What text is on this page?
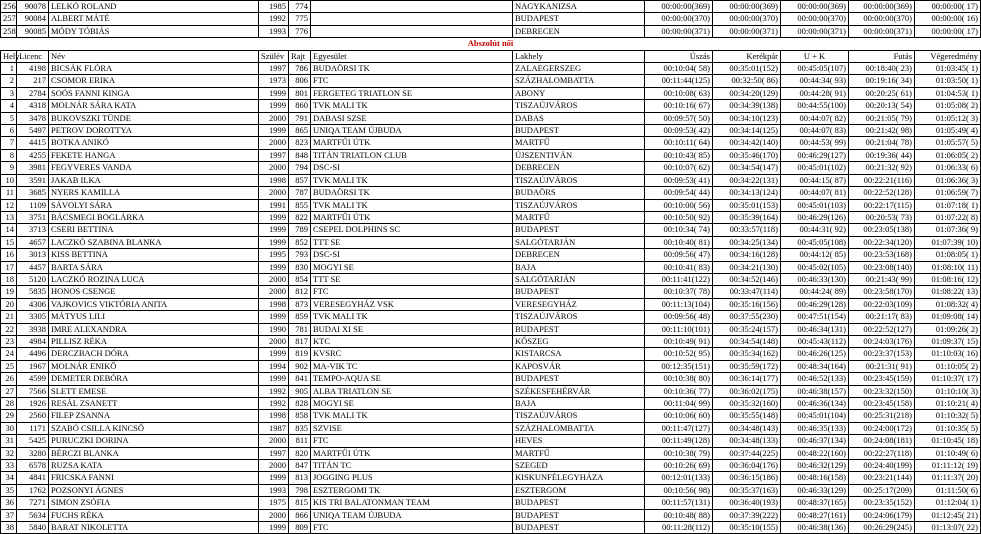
256	90078	LELKÓ ROLAND	1985	774		NAGYKANIZSA	00:00:00(369)	00:00:00(369)	00:00:00(369)	00:00:00(369)	00:00:00( 17)
257	90084	ALBERT MÁTÉ	1992	775		BUDAPEST	00:00:00(370)	00:00:00(370)	00:00:00(370)	00:00:00(370)	00:00:00( 16)
258	90085	MÓDY TÓBIÁS	1993	776		DEBRECEN	00:00:00(371)	00:00:00(371)	00:00:00(371)	00:00:00(371)	00:00:00( 17)
Abszolút női											
Hely	Licenc	Név	Szülév	Rajt	Egyesület	Lakhely	Úszás	Kerékpár	U + K	Futás	Végeredmény
1	4198	BICSÁK FLÓRA	1997	786	BUDAÖRSI TK	ZALAEGERSZEG	00:10:04( 58)	00:35:01(152)	00:45:05(107)	00:18:40( 23)	01:03:45( 1)
2	217	CSOMOR ERIKA	1973	806	FTC	SZÁZHALOMBATTA	00:11:44(125)	00:32:50( 86)	00:44:34( 93)	00:19:16( 34)	01:03:50( 1)
3	2784	SOÓS FANNI KINGA	1999	801	FERGETEG TRIATLON SE	ABONY	00:10:08( 63)	00:34:20(129)	00:44:28( 91)	00:20:25( 61)	01:04:53( 1)
4	4318	MOLNÁR SÁRA KATA	1999	860	TVK MALI TK	TISZAÚJVÁROS	00:10:16( 67)	00:34:39(138)	00:44:55(100)	00:20:13( 54)	01:05:08( 2)
5	3478	BUKOVSZKI TÜNDE	2000	791	DABASI SZSE	DABAS	00:09:57( 50)	00:34:10(123)	00:44:07( 82)	00:21:05( 79)	01:05:12( 3)
6	5497	PETROV DOROTTYA	1999	865	UNIQA TEAM ÚJBUDA	BUDAPEST	00:09:53( 42)	00:34:14(125)	00:44:07( 83)	00:21:42( 98)	01:05:49( 4)
7	4415	BOTKA ANIKÓ	2000	823	MARTFŰI ÚTK	MARTFŰ	00:10:11( 64)	00:34:42(140)	00:44:53( 99)	00:21:04( 78)	01:05:57( 5)
8	4255	FEKETE HANGA	1997	848	TITÁN TRIATLON CLUB	ÚJSZENTIVÁN	00:10:43( 85)	00:35:46(170)	00:46:29(127)	00:19:36( 44)	01:06:05( 2)
9	3981	FEGYVERES VANDA	2000	794	DSC-SI	DEBRECEN	00:10:07( 62)	00:34:54(147)	00:45:01(102)	00:21:32( 92)	01:06:33( 6)
10	3591	JAKAB ILKA	1998	857	TVK MALI TK	TISZAÚJVÁROS	00:09:53( 41)	00:34:22(131)	00:44:15( 87)	00:22:21(116)	01:06:36( 3)
11	3685	NYERS KAMILLA	2000	787	BUDAÖRSI TK	BUDAÖRS	00:09:54( 44)	00:34:13(124)	00:44:07( 81)	00:22:52(128)	01:06:59( 7)
12	1109	SÁVOLYI SÁRA	1991	855	TVK MALI TK	TISZAÚJVÁROS	00:10:00( 56)	00:35:01(153)	00:45:01(103)	00:22:17(115)	01:07:18( 1)
13	3751	BÁCSMEGI BOGLÁRKA	1999	822	MARTFŰI ÚTK	MARTFŰ	00:10:50( 92)	00:35:39(164)	00:46:29(126)	00:20:53( 73)	01:07:22( 8)
14	3713	CSERI BETTINA	1999	789	CSEPEL DOLPHINS SC	BUDAPEST	00:10:34( 74)	00:33:57(118)	00:44:31( 92)	00:23:05(138)	01:07:36( 9)
15	4657	LACZKÓ SZABINA BLANKA	1999	852	TTT SE	SALGÓTARJÁN	00:10:40( 81)	00:34:25(134)	00:45:05(108)	00:22:34(120)	01:07:39( 10)
16	3013	KISS BETTINA	1995	793	DSC-SI	DEBRECEN	00:09:56( 47)	00:34:16(128)	00:44:12( 85)	00:23:53(168)	01:08:05( 1)
17	4457	BARTA SÁRA	1999	830	MOGYI SE	BAJA	00:10:41( 83)	00:34:21(130)	00:45:02(105)	00:23:08(140)	01:08:10( 11)
18	5120	LACZKÓ ROZINA LUCA	2000	854	TTT SE	SALGÓTARJÁN	00:11:41(122)	00:34:52(146)	00:46:33(130)	00:21:43( 99)	01:08:16( 12)
19	5835	HONOS CSENGE	2000	812	FTC	BUDAPEST	00:10:37( 78)	00:33:47(114)	00:44:24( 89)	00:23:58(170)	01:08:22( 13)
20	4306	VAJKOVICS VIKTÓRIA ANITA	1998	873	VERESEGYHÁZ VSK	VERESEGYHÁZ	00:11:13(104)	00:35:16(156)	00:46:29(128)	00:22:03(109)	01:08:32( 4)
21	3305	MÁTYUS LILI	1999	859	TVK MALI TK	TISZAÚJVÁROS	00:09:56( 48)	00:37:55(230)	00:47:51(154)	00:21:17( 83)	01:09:08( 14)
22	3938	IMRE ALEXANDRA	1990	781	BUDAI XI SE	BUDAPEST	00:11:10(101)	00:35:24(157)	00:46:34(131)	00:22:52(127)	01:09:26( 2)
23	4984	PILLISZ RÉKA	2000	817	KTC	KŐSZEG	00:10:49( 91)	00:34:54(148)	00:45:43(112)	00:24:03(176)	01:09:37( 15)
24	4496	DERCZBACH DÓRA	1999	819	KVSRC	KISTARCSA	00:10:52( 95)	00:35:34(162)	00:46:26(125)	00:23:37(153)	01:10:03( 16)
25	1967	MOLNÁR ENIKŐ	1994	902	MA-VIK TC	KAPOSVÁR	00:12:35(151)	00:35:59(172)	00:48:34(164)	00:21:31( 91)	01:10:05( 2)
26	4599	DEMETER DEBÓRA	1999	841	TEMPO-AQUA SE	BUDAPEST	00:10:38( 80)	00:36:14(177)	00:46:52(133)	00:23:45(159)	01:10:37( 17)
27	7566	SLETT EMESE	1992	905	ALBA TRIATLON SE	SZÉKESFEHÉRVÁR	00:10:36( 77)	00:36:02(175)	00:46:38(157)	00:23:32(150)	01:10:10( 3)
28	1926	RESÁL ZSANETT	1992	828	MOGYI SE	BAJA	00:11:04( 99)	00:35:32(160)	00:46:36(134)	00:23:45(158)	01:10:21( 4)
29	2560	FILEP ZSANNA	1998	858	TVK MALI TK	TISZAÚJVÁROS	00:10:06( 60)	00:35:55(148)	00:45:01(104)	00:25:31(218)	01:10:32( 5)
30	1171	SZABÓ CSILLA KINCSŐ	1987	835	SZVISE	SZÁZHALOMBATTA	00:11:47(127)	00:34:48(143)	00:46:35(133)	00:24:00(172)	01:10:35( 5)
31	5425	PURUCZKI DORINA	2000	811	FTC	HEVES	00:11:49(128)	00:34:48(133)	00:46:37(134)	00:24:08(181)	01:10:45( 18)
32	3280	BÉRCZI BLANKA	1997	820	MARTFŰI ÚTK	MARTFŰ	00:10:38( 79)	00:37:44(225)	00:48:22(160)	00:22:27(118)	01:10:49( 6)
33	6578	RUZSA KATA	2000	847	TITÁN TC	SZEGED	00:10:26( 69)	00:36:04(176)	00:46:32(129)	00:24:40(199)	01:11:12( 19)
34	4841	FRICSKA FANNI	1999	813	JOGGING PLUS	KISKUNFÉLEGYHÁZA	00:12:01(133)	00:36:15(186)	00:48:16(158)	00:23:21(144)	01:11:37( 20)
35	1762	POZSONYI ÁGNES	1993	798	ESZTERGOMI TK	ESZTERGOM	00:10:56( 98)	00:35:37(163)	00:46:33(129)	00:25:17(209)	01:11:50( 6)
36	7271	SIMON ZSÓFIA	1975	815	KIS TRI BALATONMAN TEAM	BUDAPEST	00:11:57(131)	00:36:40(193)	00:48:37(165)	00:23:35(152)	01:12:04( 1)
37	5634	FUCHS RÉKA	2000	866	UNIQA TEAM ÚJBUDA	BUDAPEST	00:10:48( 88)	00:37:39(222)	00:48:27(161)	00:24:06(179)	01:12:45( 21)
38	5840	BARAT NIKOLETTA	1999	809	FTC	BUDAPEST	00:11:28(112)	00:35:10(155)	00:46:38(136)	00:26:29(245)	01:13:07( 22)
